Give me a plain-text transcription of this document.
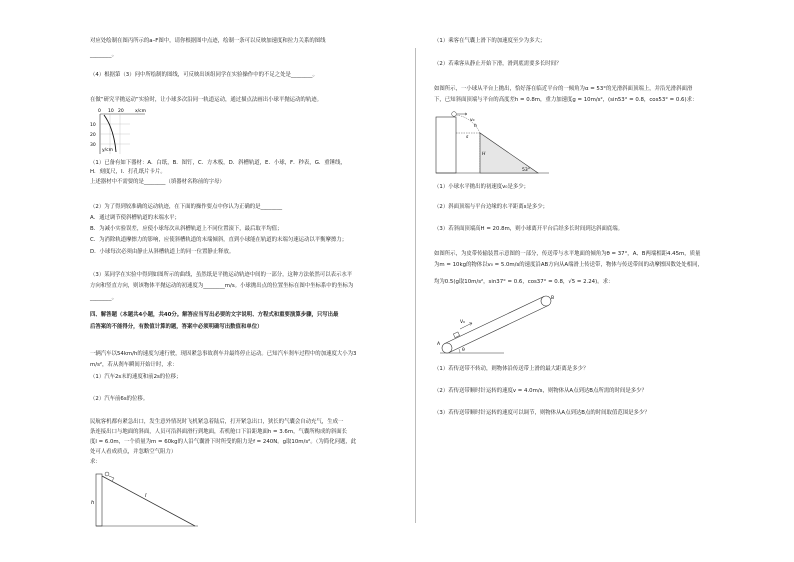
对应处绘制在图丙所示的a–F图中，请你根据图中点迹，绘制一条可以反映加速度和拉力关系的图线
________。
（4）根据第（3）问中所绘制的图线，可反映出该组同学在实验操作中的不足之处是________。
在做“研究平抛运动”实验时，让小球多次沿同一轨道运动，通过描点法画出小球平抛运动的轨迹。
0 10 20	x/cm
10
20
30
y/cm
（1）已备有如下器材：A．白纸，B．图钉，C．方木板，D．斜槽轨道，E．小球，F．秒表，G．重锤线，
H．刻度尺，I．打孔纸片卡片。
上述器材中不需要的是________（填器材名称前的字母）
（2）为了得到较准确的运动轨迹，在下面的操作要点中你认为正确的是________
A．通过调节使斜槽轨道的末端水平；
B．为减小实验误差，应使小球每次从斜槽轨道上不同位置滚下，最后取平均值；
C．为消除轨道摩擦力的影响，应使斜槽轨道的末端倾斜，直到小球能在轨道的末端匀速运动以平衡摩擦力；
D．小球每次必须由静止从斜槽轨道上的同一位置静止释放。
（3）某同学在实验中得到如图所示的曲线，虽然纸是平抛运动轨迹中间的一部分，这种方法依然可以表示水平
方向和竖直方向，则该物体平抛运动的初速度为________m/s。小球抛出点的位置坐标在图中坐标系中的坐标为
________。
四、解答题（本题共4小题，共40分。解答应当写出必要的文字说明、方程式和重要演算步骤，只写出最
后答案的不能得分，有数值计算的题，答案中必须明确写出数值和单位）
一辆汽车以54km/h的速度匀速行驶，现因紧急事故刹车并最终停止运动。已知汽车刹车过程中的加速度大小为3
m/s²，若从刹车瞬间开始计时，求：
（1）汽车2s末的速度和前2s的位移；
（2）汽车前6s的位移。
民航客机都有紧急出口，发生意外情况时飞机紧急着陆后，打开紧急出口，狭长的气囊会自动充气，生成一
条连接出口与地面的斜面，人员可沿斜面滑行到地面，若机舱口下沿距地面h = 3.6m，气囊所构成的斜面长
度l = 6.0m，一个质量为m = 60kg的人沿气囊滑下时所受的阻力是f = 240N。g取10m/s²。（为简化问题，此
处可人看成质点，并忽略空气阻力）
求：
h
l
（1）乘客在气囊上滑下的加速度至少为多大；
（2）若乘客从静止开始下滑，滑到底需要多长时间？
如图所示，一小球从平台上抛出，恰好落在临近平台的一倾角为α = 53°的光滑斜面顶端上，并沿光滑斜面滑
下，已知斜面顶端与平台的高度差h = 0.8m，重力加速度g = 10m/s²，(sin53° = 0.8，cos53° = 0.6)求：
v₀
h
H
s
53°
（1）小球水平抛出的初速度v₀是多少；
（2）斜面顶端与平台边缘的水平距离s是多少；
（3）若斜面顶端高H = 20.8m，则小球离开平台后经多长时间到达斜面底端。
如图所示，为皮带传输装置示意图的一部分，传送带与水平地面的倾角为θ = 37°，A、B两端相距4.45m，质量
为m = 10kg的物体以v₀ = 5.0m/s的速度沿AB方向从A端滑上传送带，物体与传送带间的动摩擦因数处处相同，
均为0.5(g取10m/s²，sin37° = 0.6，cos37° = 0.8，√5 = 2.24)。求：
A
B
V₀
θ
（1）若传送带不转动，则物体沿传送带上滑的最大距离是多少？
（2）若传送带顺时针运转的速度v = 4.0m/s，则物体从A点到达B点所需的时间是多少？
（3）若传送带顺时针运转的速度可以调节，则物体从A点到达B点的时间取值范围是多少？
